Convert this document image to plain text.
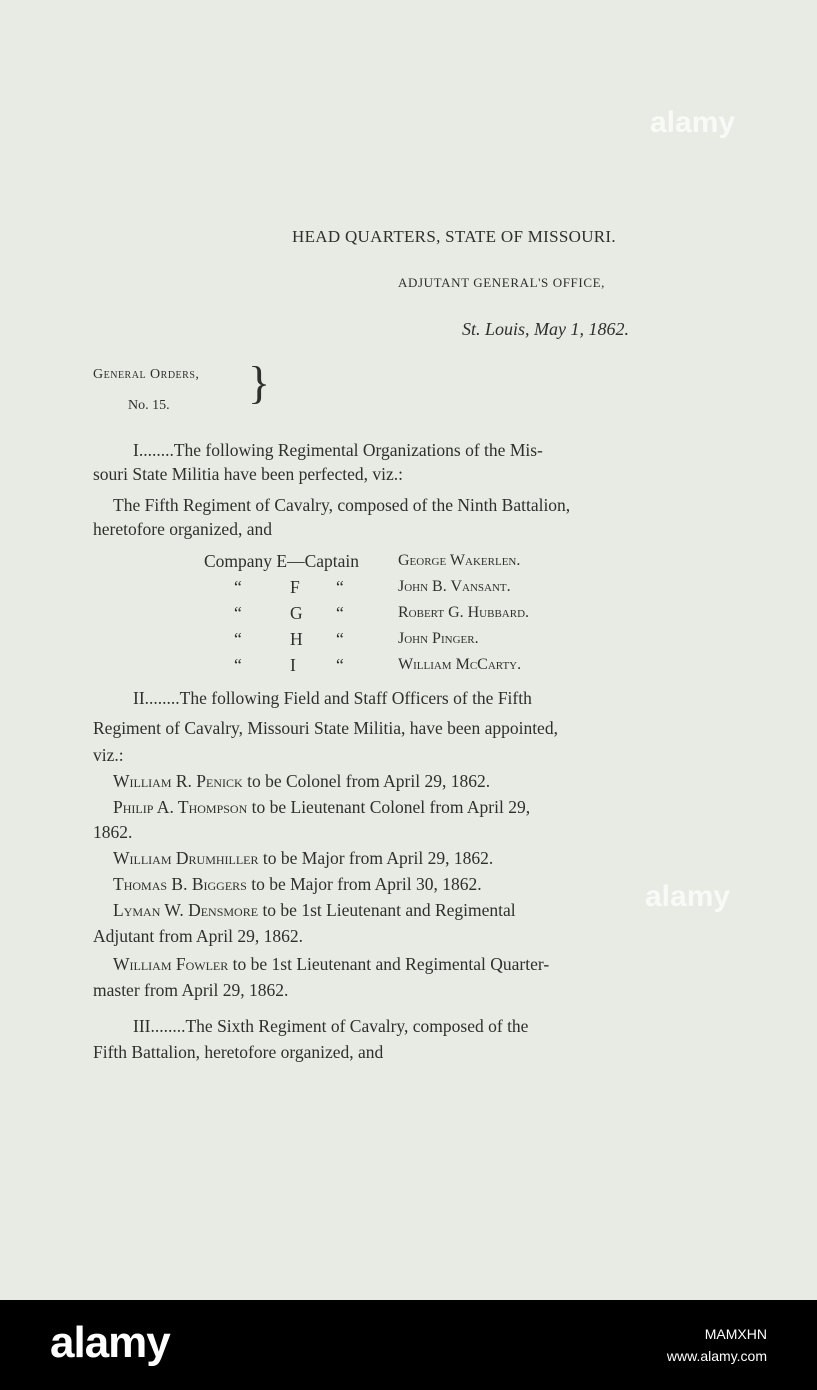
alamy
alamy
HEAD QUARTERS, STATE OF MISSOURI.
ADJUTANT GENERAL'S OFFICE,
St. Louis, May 1, 1862.
General Orders,
No. 15. }
I........The following Regimental Organizations of the Mis-
souri State Militia have been perfected, viz.:
The Fifth Regiment of Cavalry, composed of the Ninth Battalion,
heretofore organized, and
Company E—Captain George Wakerlen.
“	F “	John B. Vansant.
“	G “	Robert G. Hubbard.
“	H “	John Pinger.
“	I “	William McCarty.
II........The following Field and Staff Officers of the Fifth
Regiment of Cavalry, Missouri State Militia, have been appointed,
viz.:
William R. Penick to be Colonel from April 29, 1862.
Philip A. Thompson to be Lieutenant Colonel from April 29,
1862.
William Drumhiller to be Major from April 29, 1862.
Thomas B. Biggers to be Major from April 30, 1862.
Lyman W. Densmore to be 1st Lieutenant and Regimental
Adjutant from April 29, 1862.
William Fowler to be 1st Lieutenant and Regimental Quarter-
master from April 29, 1862.
III........The Sixth Regiment of Cavalry, composed of the
Fifth Battalion, heretofore organized, and
alamy	MAMXHN
www.alamy.com
